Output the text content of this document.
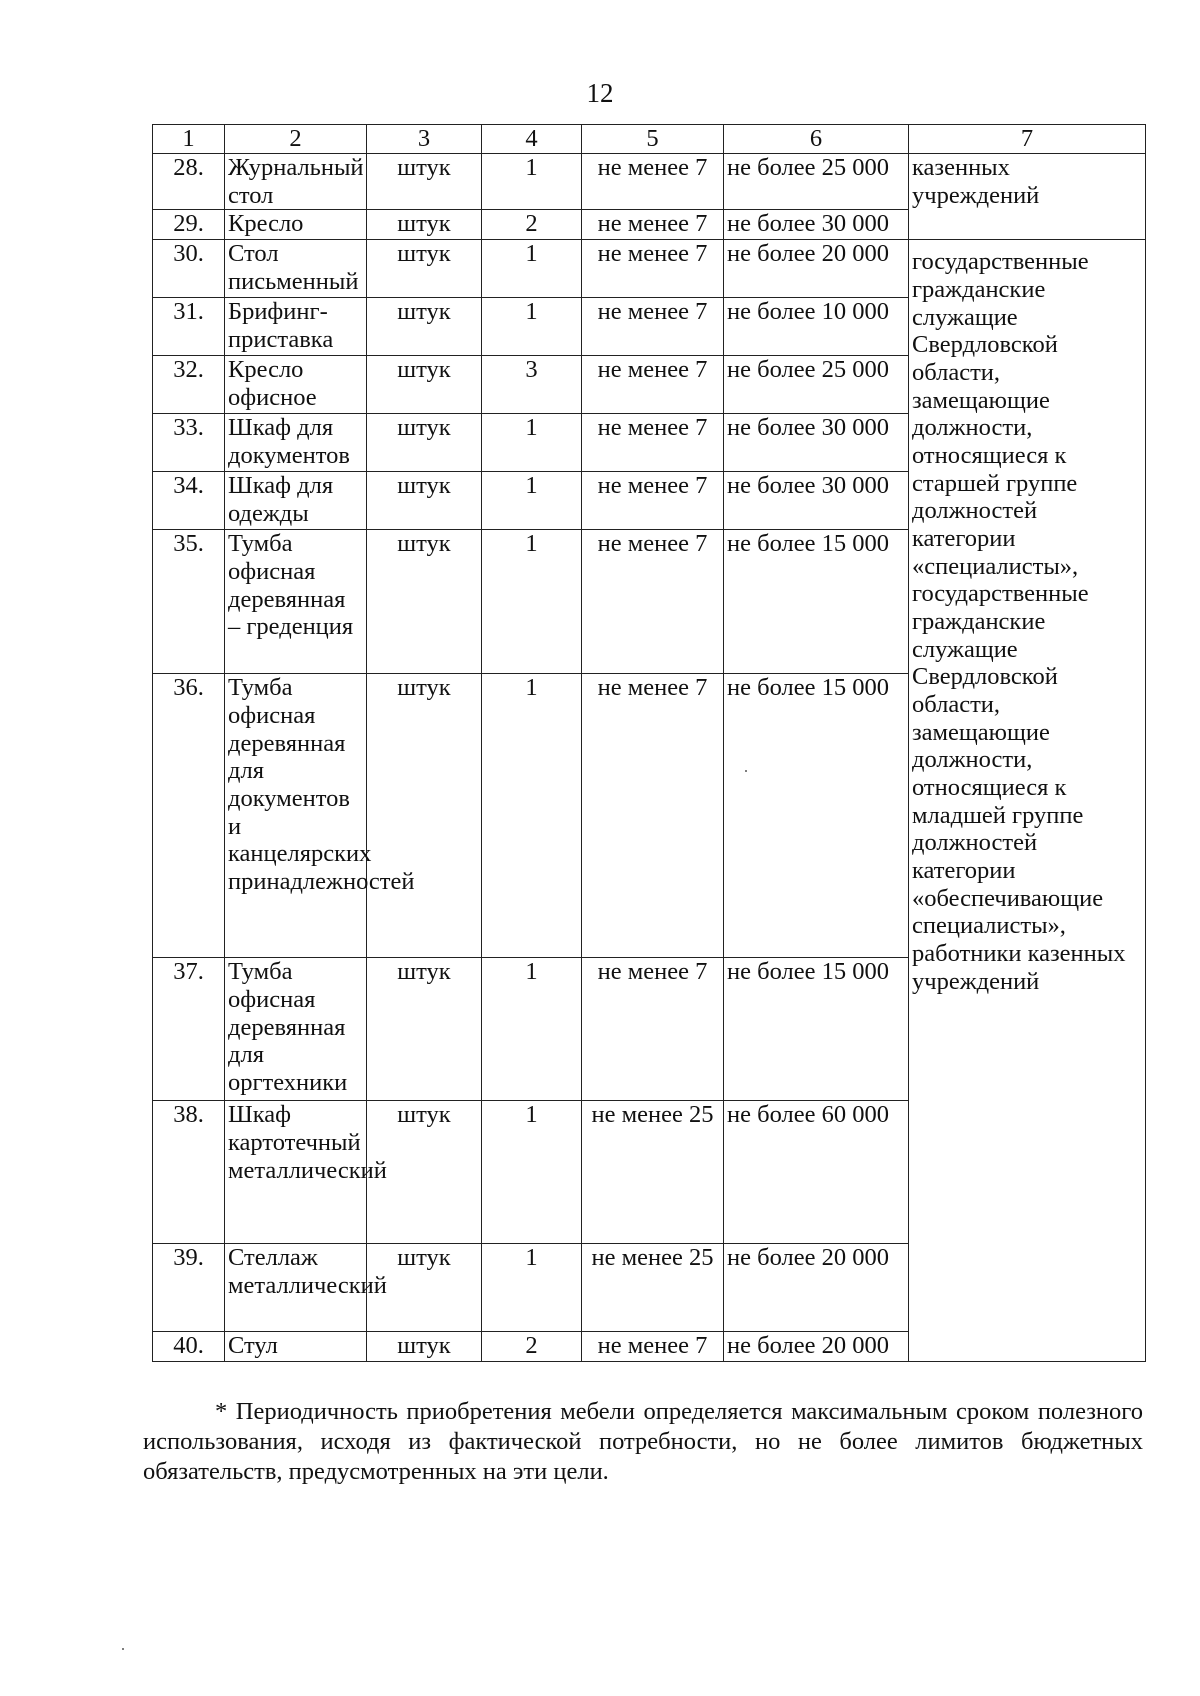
12
1	2	3	4	5	6	7
28.	Журнальный стол	штук	1	не менее 7	не более 25 000	казенных учреждений
29.	Кресло	штук	2	не менее 7	не более 30 000	
30.	Стол письменный	штук	1	не менее 7	не более 20 000	государственные гражданские служащие Свердловской области, замещающие должности, относящиеся к старшей группе должностей категории «специалисты», государственные гражданские служащие Свердловской области, замещающие должности, относящиеся к младшей группе должностей категории «обеспечивающие специалисты», работники казенных учреждений
31.	Брифинг-приставка	штук	1	не менее 7	не более 10 000	
32.	Кресло офисное	штук	3	не менее 7	не более 25 000	
33.	Шкаф для документов	штук	1	не менее 7	не более 30 000	
34.	Шкаф для одежды	штук	1	не менее 7	не более 30 000	
35.	Тумба офисная деревянная – греденция	штук	1	не менее 7	не более 15 000	
36.	Тумба офисная деревянная для документов и канцелярских принадлежностей	штук	1	не менее 7	не более 15 000	
37.	Тумба офисная деревянная для оргтехники	штук	1	не менее 7	не более 15 000	
38.	Шкаф картотечный металлический	штук	1	не менее 25	не более 60 000	
39.	Стеллаж металлический	штук	1	не менее 25	не более 20 000	
40.	Стул	штук	2	не менее 7	не более 20 000	
* Периодичность приобретения мебели определяется максимальным сроком полезного использования, исходя из фактической потребности, но не более лимитов бюджетных обязательств, предусмотренных на эти цели.
